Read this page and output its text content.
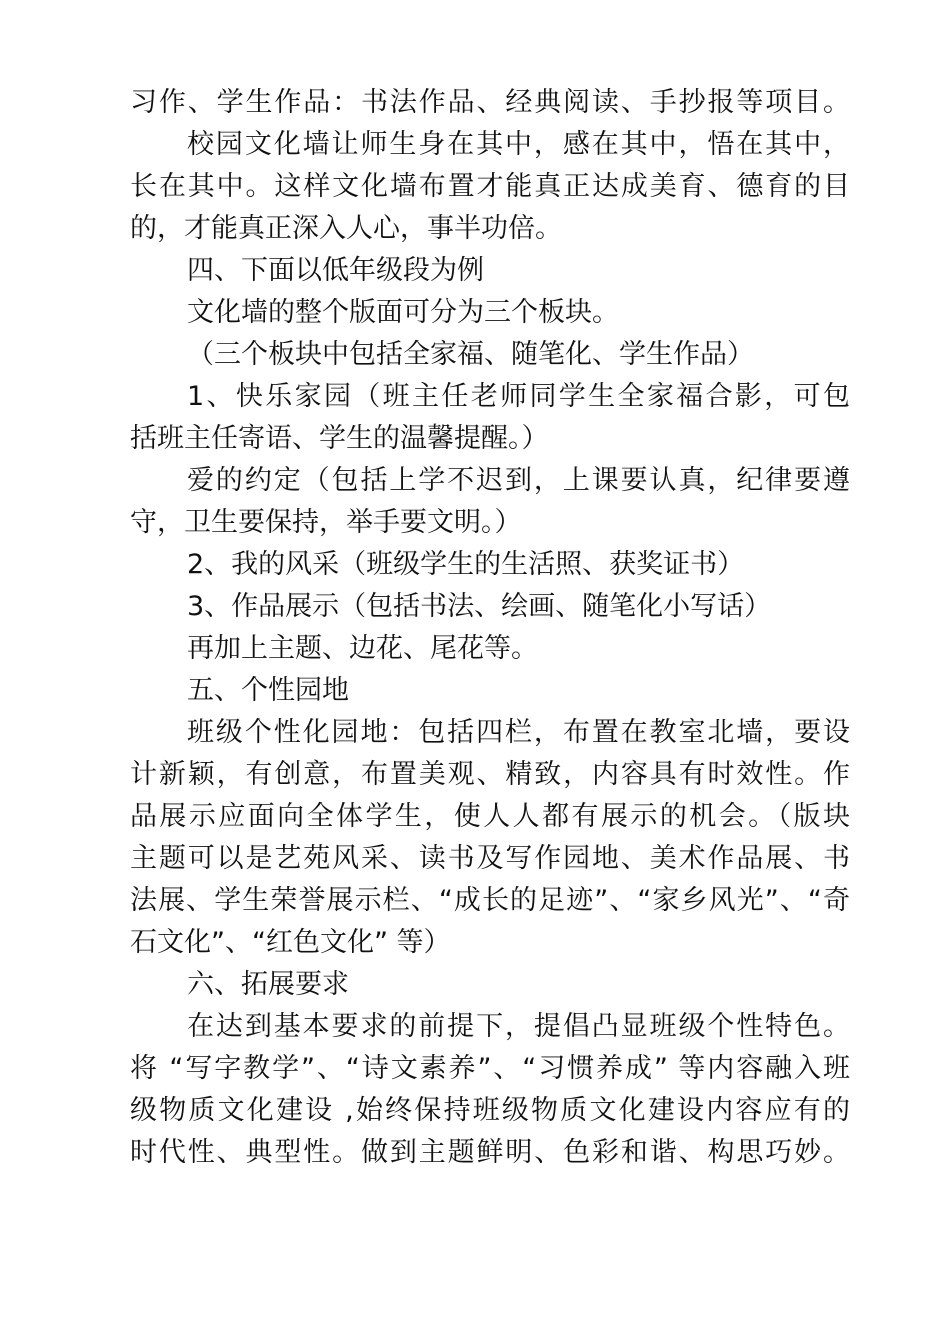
习作、学生作品：书法作品、经典阅读、手抄报等项目。
校园文化墙让师生身在其中，感在其中，悟在其中，
长在其中。这样文化墙布置才能真正达成美育、德育的目
的，才能真正深入人心，事半功倍。
四、下面以低年级段为例
文化墙的整个版面可分为三个板块。
（三个板块中包括全家福、随笔化、学生作品）
1、快乐家园（班主任老师同学生全家福合影，可包
括班主任寄语、学生的温馨提醒。）
爱的约定（包括上学不迟到，上课要认真，纪律要遵
守，卫生要保持，举手要文明。）
2、我的风采（班级学生的生活照、获奖证书）
3、作品展示（包括书法、绘画、随笔化小写话）
再加上主题、边花、尾花等。
五、个性园地
班级个性化园地：包括四栏，布置在教室北墙，要设
计新颖，有创意，布置美观、精致，内容具有时效性。作
品展示应面向全体学生，使人人都有展示的机会。（版块
主题可以是艺苑风采、读书及写作园地、美术作品展、书
法展、学生荣誉展示栏、“成长的足迹”、“家乡风光”、“奇
石文化”、“红色文化” 等）
六、拓展要求
在达到基本要求的前提下，提倡凸显班级个性特色。
将 “写字教学”、“诗文素养”、“习惯养成” 等内容融入班
级物质文化建设 ,始终保持班级物质文化建设内容应有的
时代性、典型性。做到主题鲜明、色彩和谐、构思巧妙。
